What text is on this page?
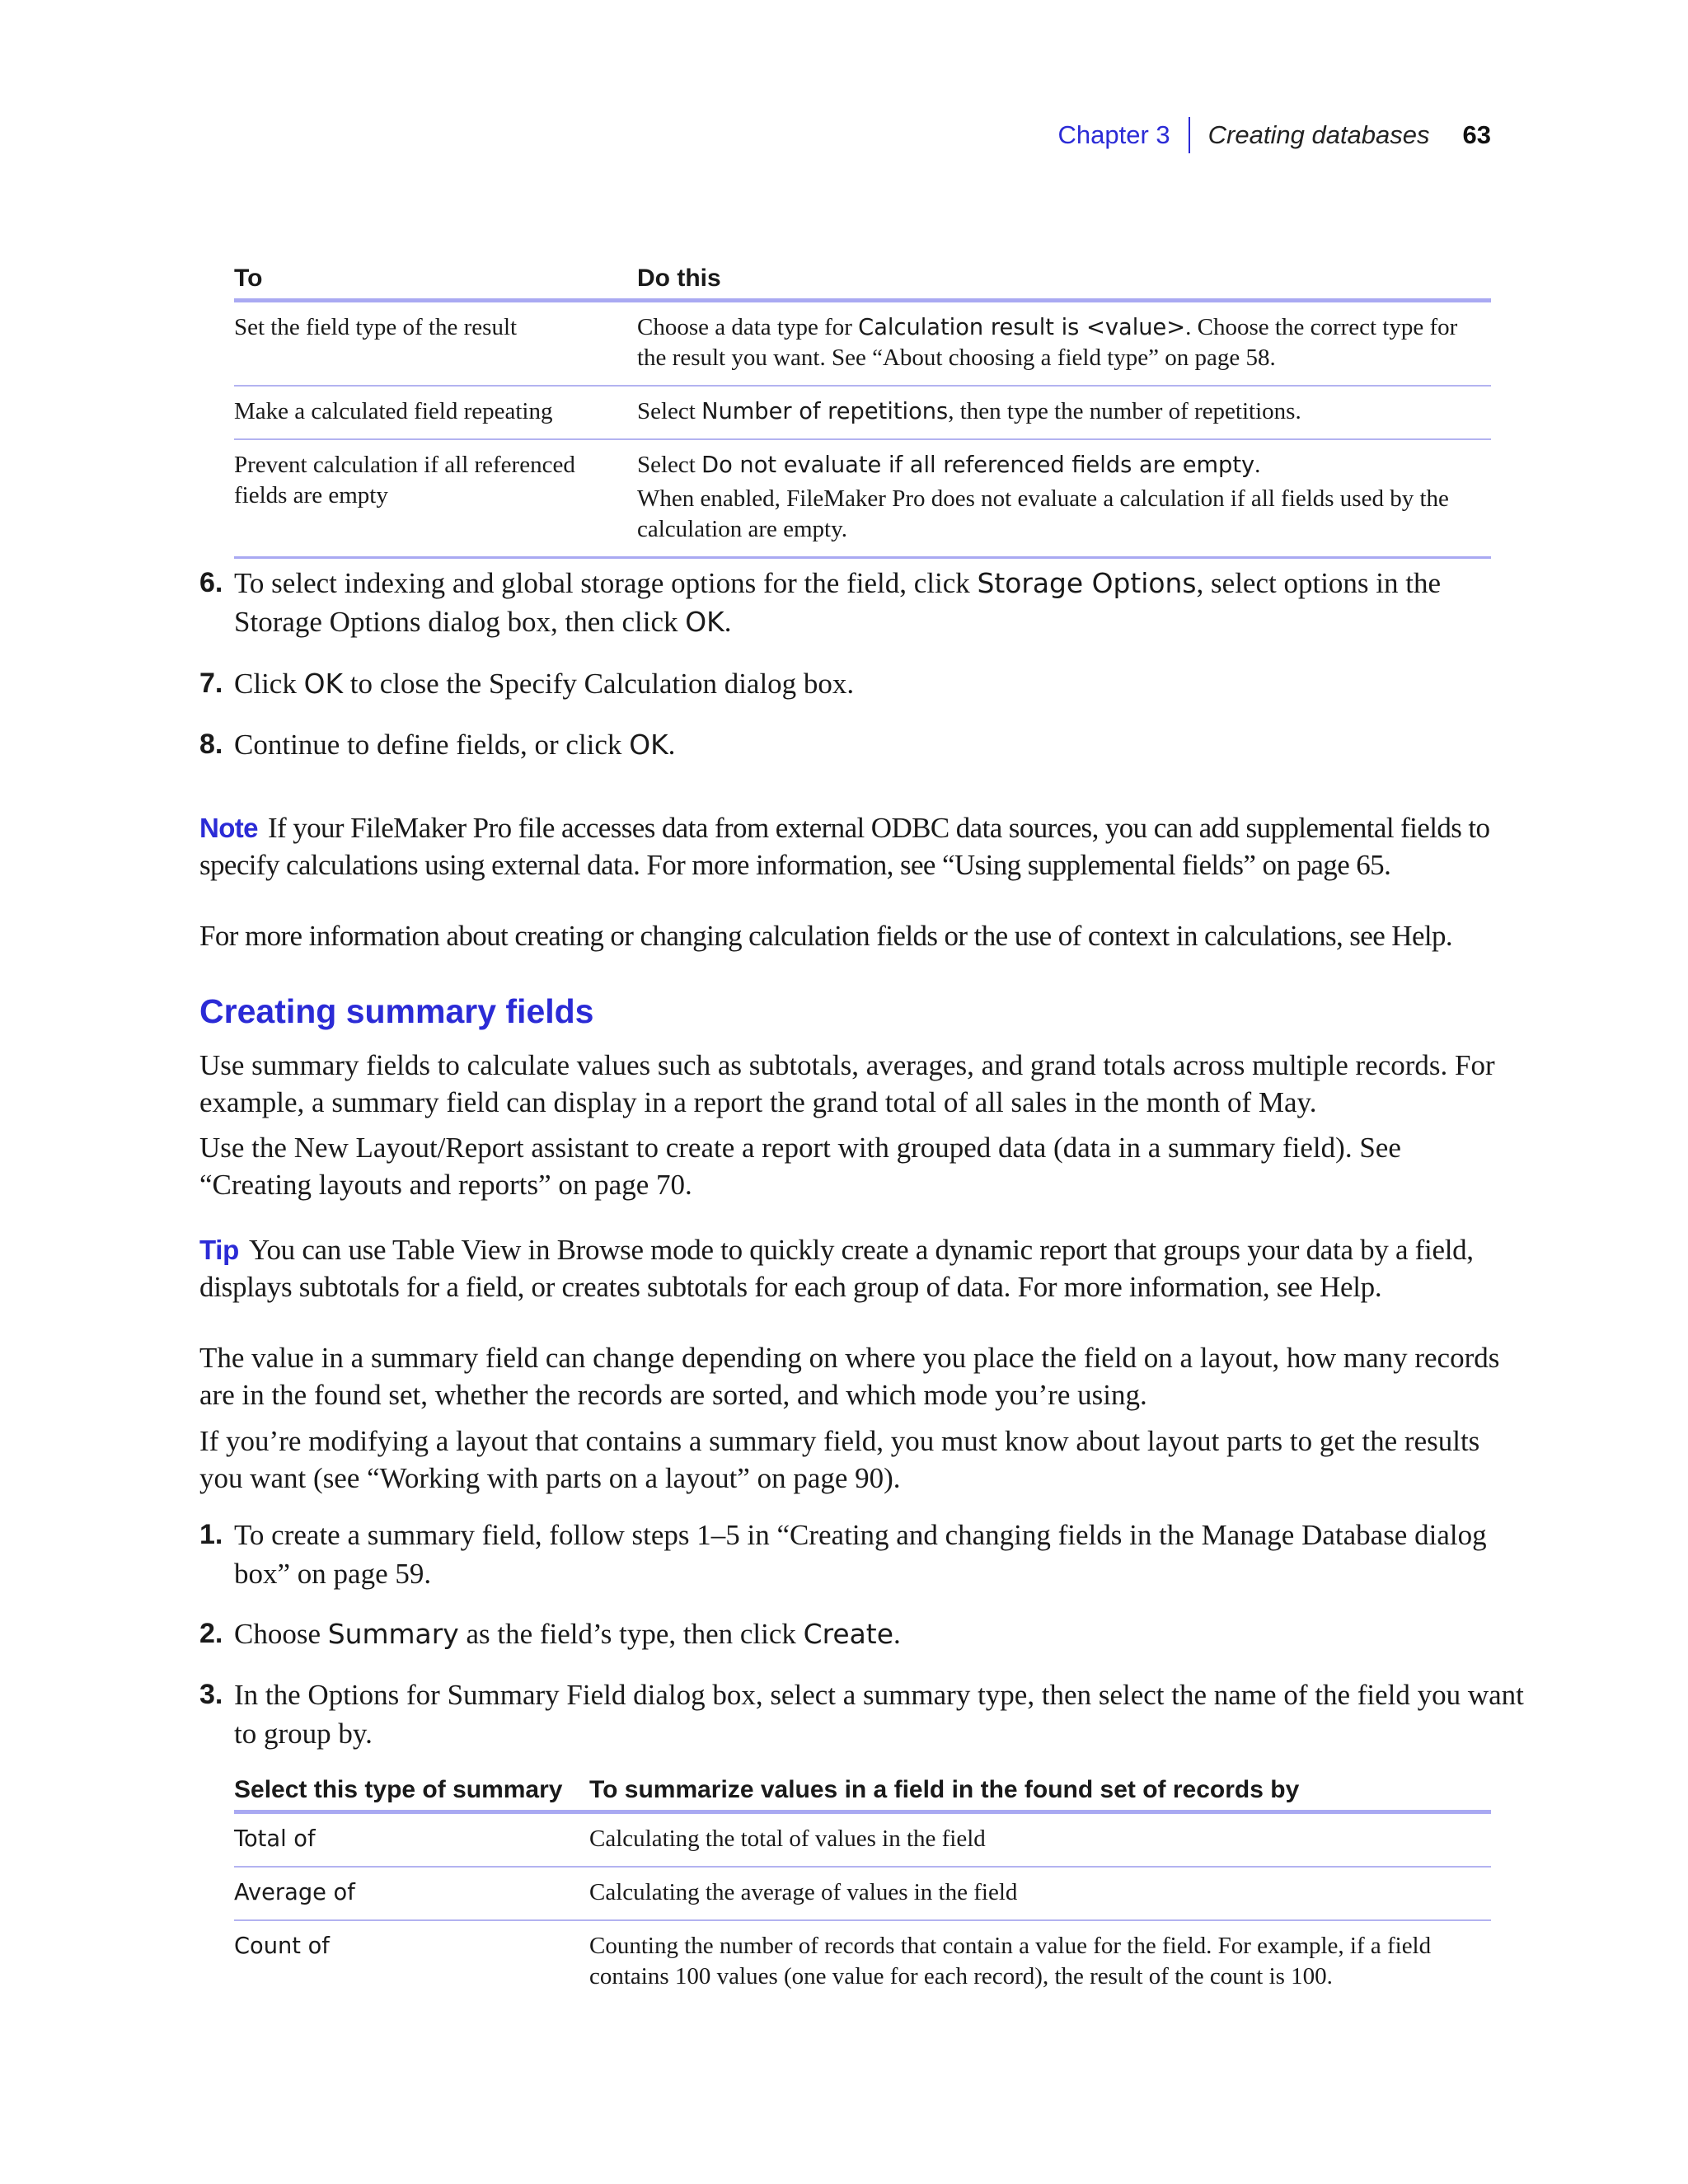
Chapter 3 Creating databases 63
To	Do this
Set the field type of the result	Choose a data type for Calculation result is <value>. Choose the correct type for the result you want. See “About choosing a field type” on page 58.
Make a calculated field repeating	Select Number of repetitions, then type the number of repetitions.
Prevent calculation if all referenced fields are empty	Select Do not evaluate if all referenced fields are empty.

When enabled, FileMaker Pro does not evaluate a calculation if all fields used by the calculation are empty.

6. To select indexing and global storage options for the field, click Storage Options, select options in the Storage Options dialog box, then click OK.
7. Click OK to close the Specify Calculation dialog box.
8. Continue to define fields, or click OK.

Note If your FileMaker Pro file accesses data from external ODBC data sources, you can add supplemental fields to specify calculations using external data. For more information, see “Using supplemental fields” on page 65.

For more information about creating or changing calculation fields or the use of context in calculations, see Help.

Creating summary fields

Use summary fields to calculate values such as subtotals, averages, and grand totals across multiple records. For example, a summary field can display in a report the grand total of all sales in the month of May.

Use the New Layout/Report assistant to create a report with grouped data (data in a summary field). See “Creating layouts and reports” on page 70.

Tip You can use Table View in Browse mode to quickly create a dynamic report that groups your data by a field, displays subtotals for a field, or creates subtotals for each group of data. For more information, see Help.

The value in a summary field can change depending on where you place the field on a layout, how many records are in the found set, whether the records are sorted, and which mode you’re using.

If you’re modifying a layout that contains a summary field, you must know about layout parts to get the results you want (see “Working with parts on a layout” on page 90).

1. To create a summary field, follow steps 1–5 in “Creating and changing fields in the Manage Database dialog box” on page 59.
2. Choose Summary as the field’s type, then click Create.
3. In the Options for Summary Field dialog box, select a summary type, then select the name of the field you want to group by.
Select this type of summary	To summarize values in a field in the found set of records by
Total of	Calculating the total of values in the field
Average of	Calculating the average of values in the field
Count of	Counting the number of records that contain a value for the field. For example, if a field contains 100 values (one value for each record), the result of the count is 100.
